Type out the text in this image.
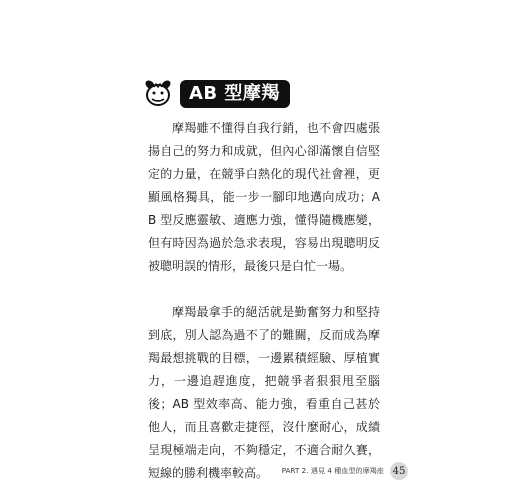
AB 型摩羯

摩羯雖不懂得自我行銷，也不會四處張揚自己的努力和成就，但內心卻滿懷自信堅定的力量，在競爭白熱化的現代社會裡，更顯風格獨具，能一步一腳印地邁向成功；AB 型反應靈敏、適應力強，懂得隨機應變，但有時因為過於急求表現，容易出現聰明反被聰明誤的情形，最後只是白忙一場。

摩羯最拿手的絕活就是勤奮努力和堅持到底，別人認為過不了的難關，反而成為摩羯最想挑戰的目標，一邊累積經驗、厚植實力，一邊追趕進度，把競爭者狠狠甩至腦後；AB 型效率高、能力強，看重自己甚於他人，而且喜歡走捷徑，沒什麼耐心，成績呈現極端走向，不夠穩定，不適合耐久賽，短線的勝利機率較高。	PART 2. 遇見 4 種血型的摩羯座 45
